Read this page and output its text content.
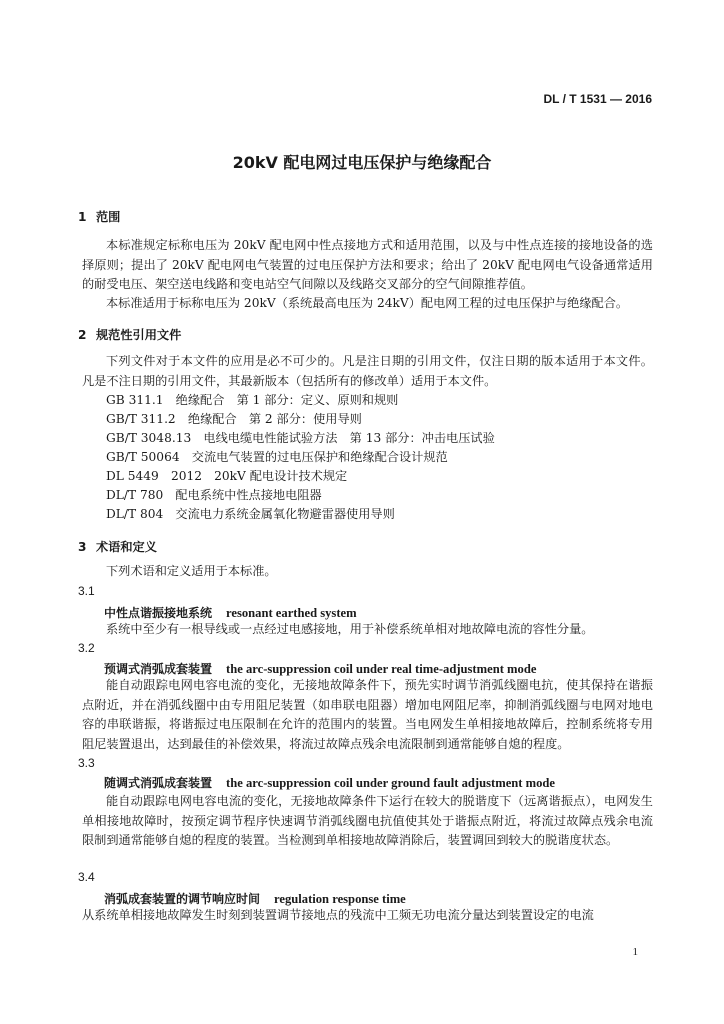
DL / T 1531 — 2016
20kV 配电网过电压保护与绝缘配合
1 范围

本标准规定标称电压为 20kV 配电网中性点接地方式和适用范围，以及与中性点连接的接地设备的选择原则；提出了 20kV 配电网电气装置的过电压保护方法和要求；给出了 20kV 配电网电气设备通常适用的耐受电压、架空送电线路和变电站空气间隙以及线路交叉部分的空气间隙推荐值。

本标准适用于标称电压为 20kV（系统最高电压为 24kV）配电网工程的过电压保护与绝缘配合。

2 规范性引用文件

下列文件对于本文件的应用是必不可少的。凡是注日期的引用文件，仅注日期的版本适用于本文件。凡是不注日期的引用文件，其最新版本（包括所有的修改单）适用于本文件。

GB 311.1　绝缘配合　第 1 部分：定义、原则和规则
GB/T 311.2　绝缘配合　第 2 部分：使用导则
GB/T 3048.13　电线电缆电性能试验方法　第 13 部分：冲击电压试验
GB/T 50064　交流电气装置的过电压保护和绝缘配合设计规范
DL 5449　2012　20kV 配电设计技术规定
DL/T 780　配电系统中性点接地电阻器
DL/T 804　交流电力系统金属氧化物避雷器使用导则
3 术语和定义

下列术语和定义适用于本标准。

3.1
中性点谐振接地系统 resonant earthed system

系统中至少有一根导线或一点经过电感接地，用于补偿系统单相对地故障电流的容性分量。

3.2
预调式消弧成套装置 the arc-suppression coil under real time-adjustment mode

能自动跟踪电网电容电流的变化，无接地故障条件下，预先实时调节消弧线圈电抗，使其保持在谐振点附近，并在消弧线圈中由专用阻尼装置（如串联电阻器）增加电网阻尼率，抑制消弧线圈与电网对地电容的串联谐振，将谐振过电压限制在允许的范围内的装置。当电网发生单相接地故障后，控制系统将专用阻尼装置退出，达到最佳的补偿效果，将流过故障点残余电流限制到通常能够自熄的程度。

3.3
随调式消弧成套装置 the arc-suppression coil under ground fault adjustment mode

能自动跟踪电网电容电流的变化，无接地故障条件下运行在较大的脱谐度下（远离谐振点），电网发生单相接地故障时，按预定调节程序快速调节消弧线圈电抗值使其处于谐振点附近，将流过故障点残余电流限制到通常能够自熄的程度的装置。当检测到单相接地故障消除后，装置调回到较大的脱谐度状态。

3.4
消弧成套装置的调节响应时间 regulation response time

从系统单相接地故障发生时刻到装置调节接地点的残流中工频无功电流分量达到装置设定的电流

1
